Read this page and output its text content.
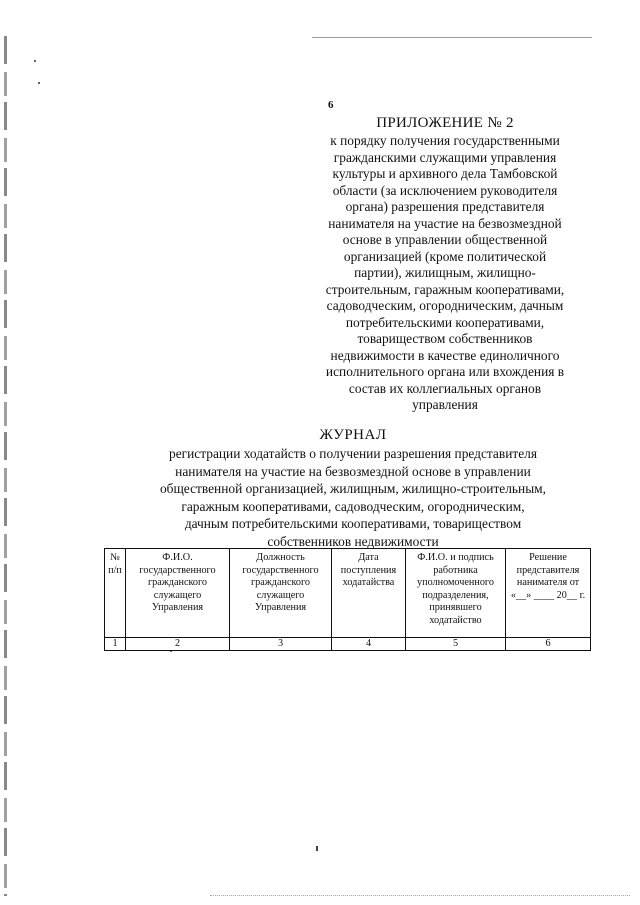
6
ПРИЛОЖЕНИЕ № 2
к порядку получения государственными
гражданскими служащими управления
культуры и архивного дела Тамбовской
области (за исключением руководителя
органа) разрешения представителя
нанимателя на участие на безвозмездной
основе в управлении общественной
организацией (кроме политической
партии), жилищным, жилищно-
строительным, гаражным кооперативами,
садоводческим, огородническим, дачным
потребительскими кооперативами,
товариществом собственников
недвижимости в качестве единоличного
исполнительного органа или вхождения в
состав их коллегиальных органов
управления
ЖУРНАЛ
регистрации ходатайств о получении разрешения представителя
нанимателя на участие на безвозмездной основе в управлении
общественной организацией, жилищным, жилищно-строительным,
гаражным кооперативами, садоводческим, огородническим,
дачным потребительскими кооперативами, товариществом
собственников недвижимости
№ п/п	Ф.И.О. государственного гражданского служащего Управления	Должность государственного гражданского служащего Управления	Дата поступления ходатайства	Ф.И.О. и подпись работника уполномоченного подразделения, принявшего ходатайство	Решение представителя нанимателя от «__» ____ 20__ г.
1	2	3	4	5	6
